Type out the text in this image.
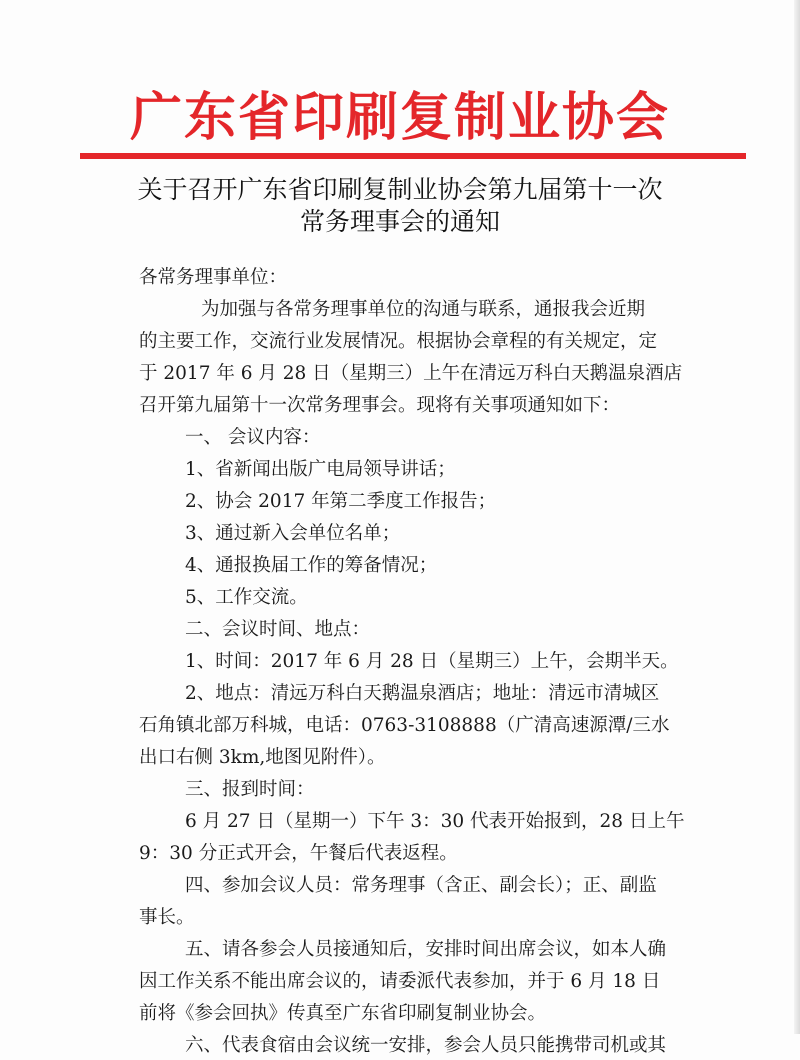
广东省印刷复制业协会
关于召开广东省印刷复制业协会第九届第十一次
常务理事会的通知
各常务理事单位：
为加强与各常务理事单位的沟通与联系，通报我会近期
的主要工作，交流行业发展情况。根据协会章程的有关规定，定
于 2017 年 6 月 28 日（星期三）上午在清远万科白天鹅温泉酒店
召开第九届第十一次常务理事会。现将有关事项通知如下：
一、 会议内容：
1、省新闻出版广电局领导讲话；
2、协会 2017 年第二季度工作报告；
3、通过新入会单位名单；
4、通报换届工作的筹备情况；
5、工作交流。
二、会议时间、地点：
1、时间：2017 年 6 月 28 日（星期三）上午，会期半天。
2、地点：清远万科白天鹅温泉酒店；地址：清远市清城区
石角镇北部万科城，电话：0763-3108888（广清高速源潭/三水
出口右侧 3km,地图见附件）。
三、报到时间：
6 月 27 日（星期一）下午 3：30 代表开始报到，28 日上午
9：30 分正式开会，午餐后代表返程。
四、参加会议人员：常务理事（含正、副会长）；正、副监
事长。
五、请各参会人员接通知后，安排时间出席会议，如本人确
因工作关系不能出席会议的，请委派代表参加，并于 6 月 18 日
前将《参会回执》传真至广东省印刷复制业协会。
六、代表食宿由会议统一安排，参会人员只能携带司机或其
